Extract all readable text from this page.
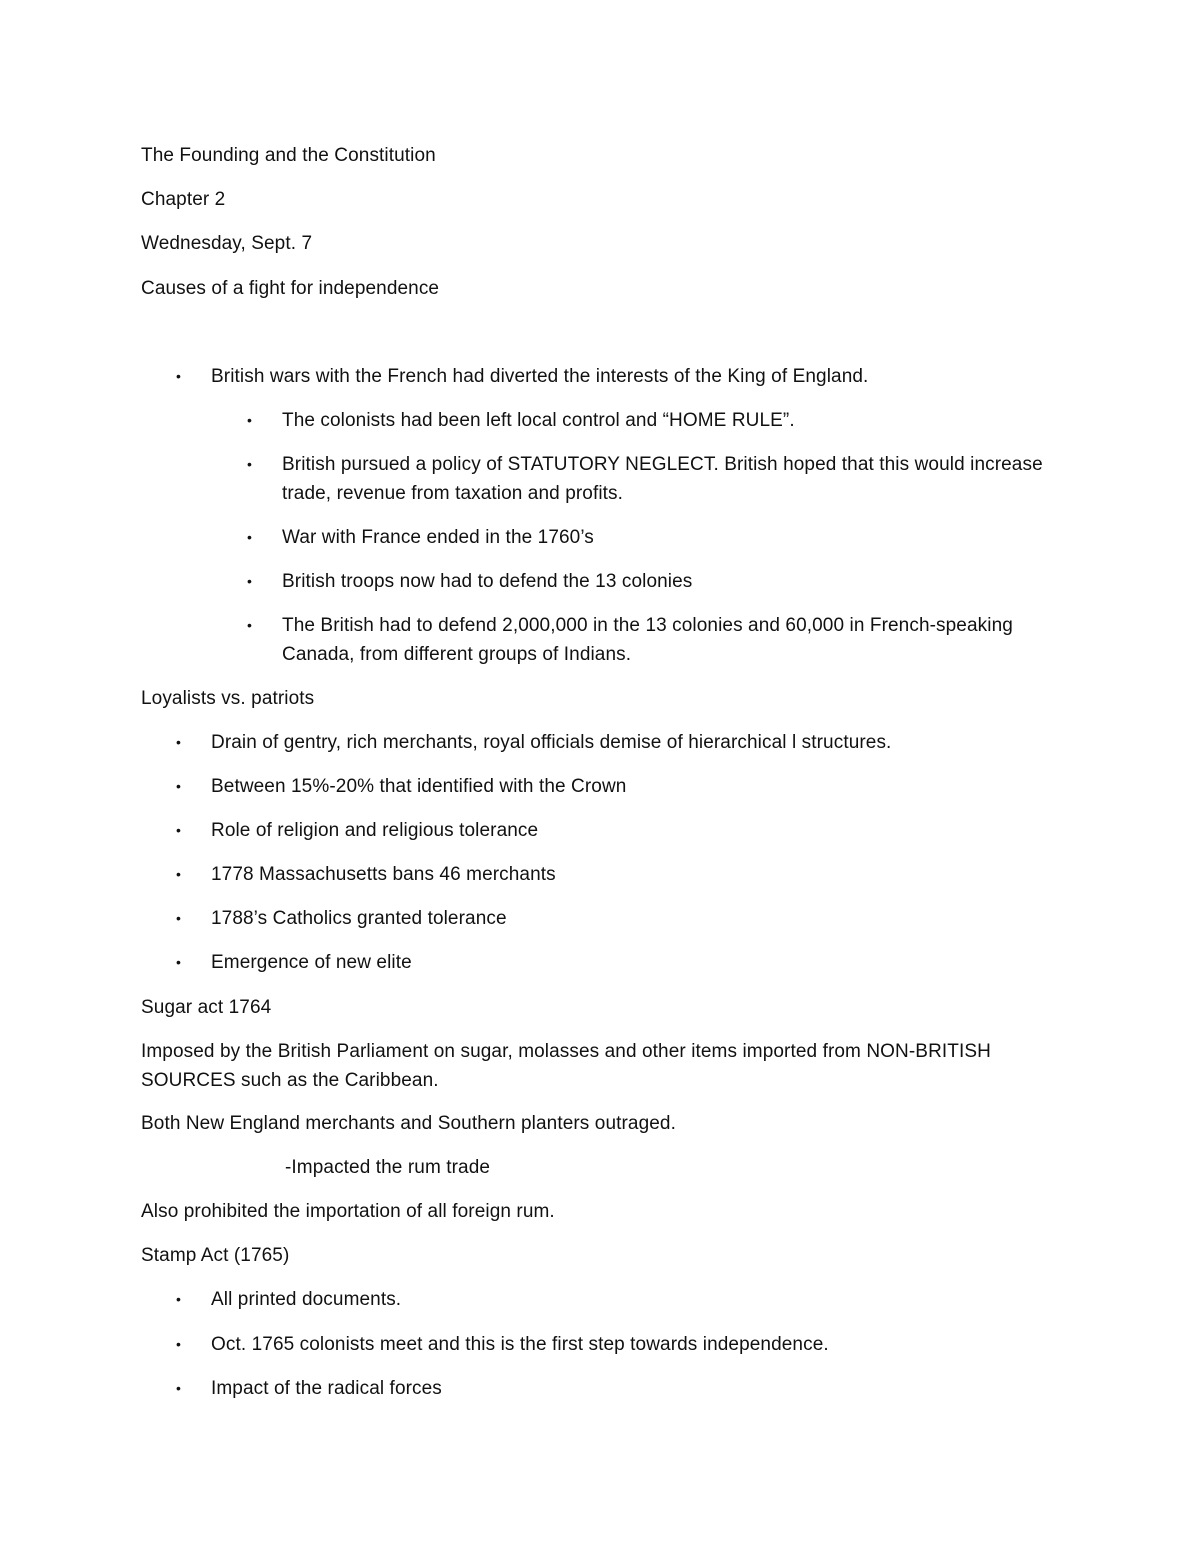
The Founding and the Constitution
Chapter 2
Wednesday, Sept. 7
Causes of a fight for independence
• British wars with the French had diverted the interests of the King of England.
• The colonists had been left local control and “HOME RULE”.
• British pursued a policy of STATUTORY NEGLECT. British hoped that this would increase
trade, revenue from taxation and profits.
• War with France ended in the 1760’s
• British troops now had to defend the 13 colonies
• The British had to defend 2,000,000 in the 13 colonies and 60,000 in French-speaking
Canada, from different groups of Indians.
Loyalists vs. patriots
• Drain of gentry, rich merchants, royal officials demise of hierarchical l structures.
• Between 15%-20% that identified with the Crown
• Role of religion and religious tolerance
• 1778 Massachusetts bans 46 merchants
• 1788’s Catholics granted tolerance
• Emergence of new elite
Sugar act 1764
Imposed by the British Parliament on sugar, molasses and other items imported from NON-BRITISH
SOURCES such as the Caribbean.
Both New England merchants and Southern planters outraged.
-Impacted the rum trade
Also prohibited the importation of all foreign rum.
Stamp Act (1765)
• All printed documents.
• Oct. 1765 colonists meet and this is the first step towards independence.
• Impact of the radical forces
